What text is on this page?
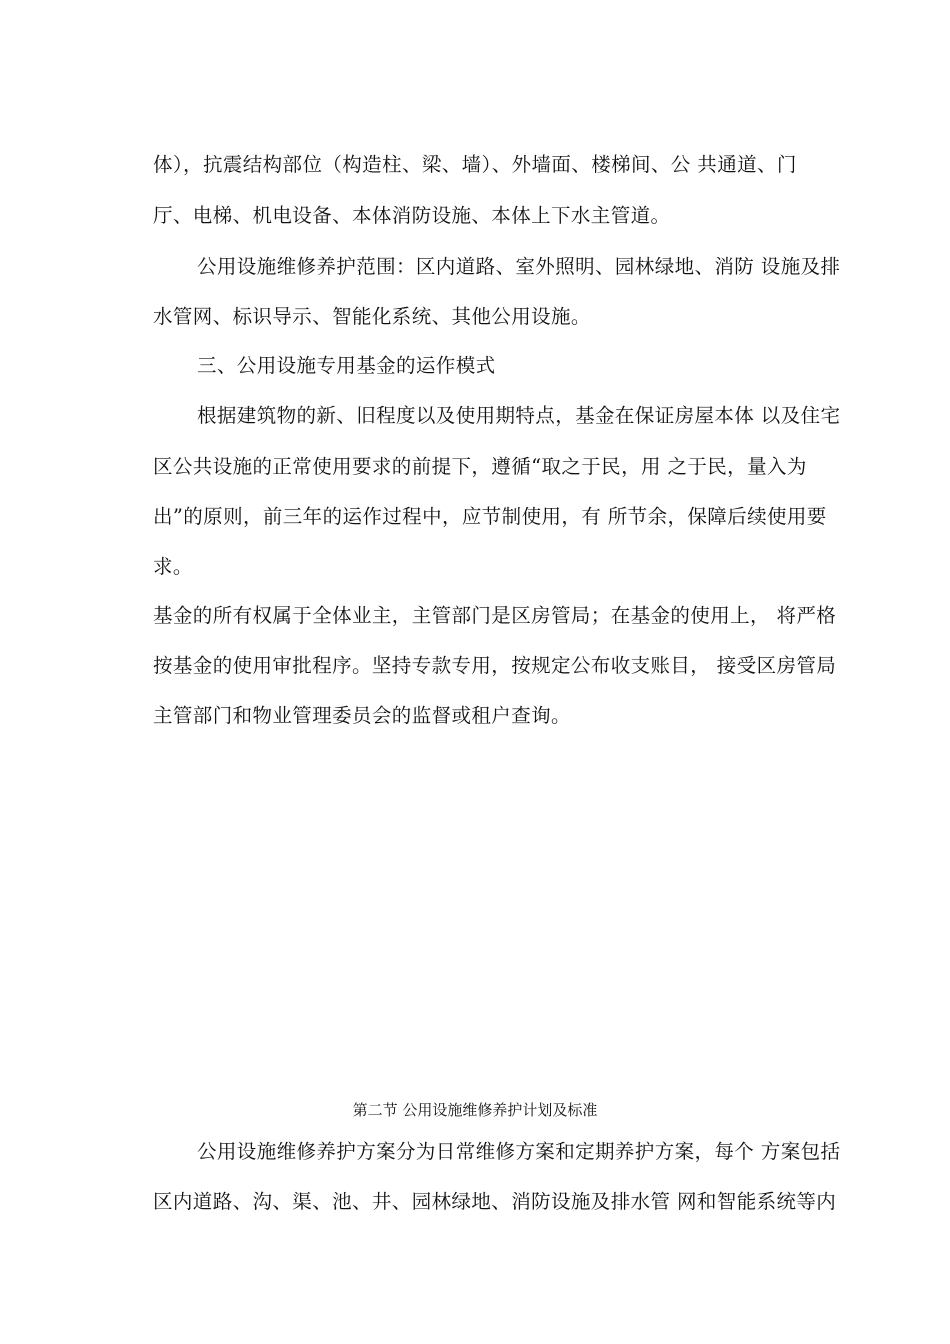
体），抗震结构部位（构造柱、梁、墙）、外墙面、楼梯间、公 共通道、门
厅、电梯、机电设备、本体消防设施、本体上下水主管道。
公用设施维修养护范围：区内道路、室外照明、园林绿地、消防 设施及排
水管网、标识导示、智能化系统、其他公用设施。
三、公用设施专用基金的运作模式
根据建筑物的新、旧程度以及使用期特点，基金在保证房屋本体 以及住宅
区公共设施的正常使用要求的前提下，遵循“取之于民，用 之于民，量入为
出”的原则，前三年的运作过程中，应节制使用，有 所节余，保障后续使用要
求。
基金的所有权属于全体业主，主管部门是区房管局；在基金的使用上， 将严格
按基金的使用审批程序。坚持专款专用，按规定公布收支账目， 接受区房管局
主管部门和物业管理委员会的监督或租户查询。
第二节 公用设施维修养护计划及标准
公用设施维修养护方案分为日常维修方案和定期养护方案，每个 方案包括
区内道路、沟、渠、池、井、园林绿地、消防设施及排水管 网和智能系统等内
